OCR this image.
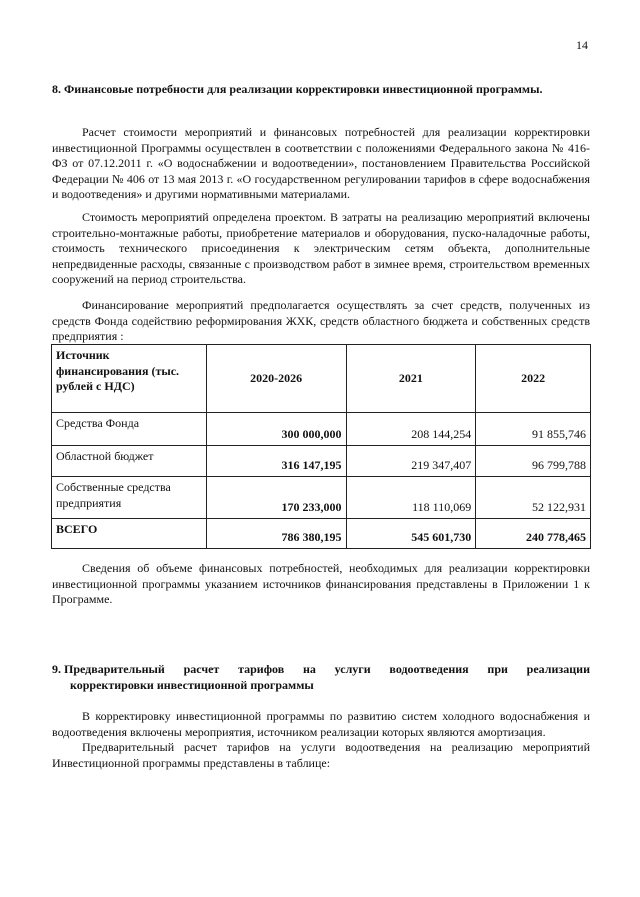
14
8. Финансовые потребности для реализации корректировки инвестиционной программы.
Расчет стоимости мероприятий и финансовых потребностей для реализации корректировки инвестиционной Программы осуществлен в соответствии с положениями Федерального закона № 416-ФЗ от 07.12.2011 г. «О водоснабжении и водоотведении», постановлением Правительства Российской Федерации № 406 от 13 мая 2013 г. «О государственном регулировании тарифов в сфере водоснабжения и водоотведения» и другими нормативными материалами.
Стоимость мероприятий определена проектом. В затраты на реализацию мероприятий включены строительно-монтажные работы, приобретение материалов и оборудования, пуско-наладочные работы, стоимость технического присоединения к электрическим сетям объекта, дополнительные непредвиденные расходы, связанные с производством работ в зимнее время, строительством временных сооружений на период строительства.
Финансирование мероприятий предполагается осуществлять за счет средств, полученных из средств Фонда содействию реформирования ЖХК, средств областного бюджета и собственных средств предприятия :
Источник финансирования (тыс. рублей с НДС)	2020-2026	2021	2022
Средства Фонда	300 000,000	208 144,254	91 855,746
Областной бюджет	316 147,195	219 347,407	96 799,788
Собственные средства предприятия	170 233,000	118 110,069	52 122,931
ВСЕГО	786 380,195	545 601,730	240 778,465
Сведения об объеме финансовых потребностей, необходимых для реализации корректировки инвестиционной программы указанием источников финансирования представлены в Приложении 1 к Программе.
9. Предварительный расчет тарифов на услуги водоотведения при реализации
корректировки инвестиционной программы
В корректировку инвестиционной программы по развитию систем холодного водоснабжения и водоотведения включены мероприятия, источником реализации которых являются амортизация.
Предварительный расчет тарифов на услуги водоотведения на реализацию мероприятий Инвестиционной программы представлены в таблице:
